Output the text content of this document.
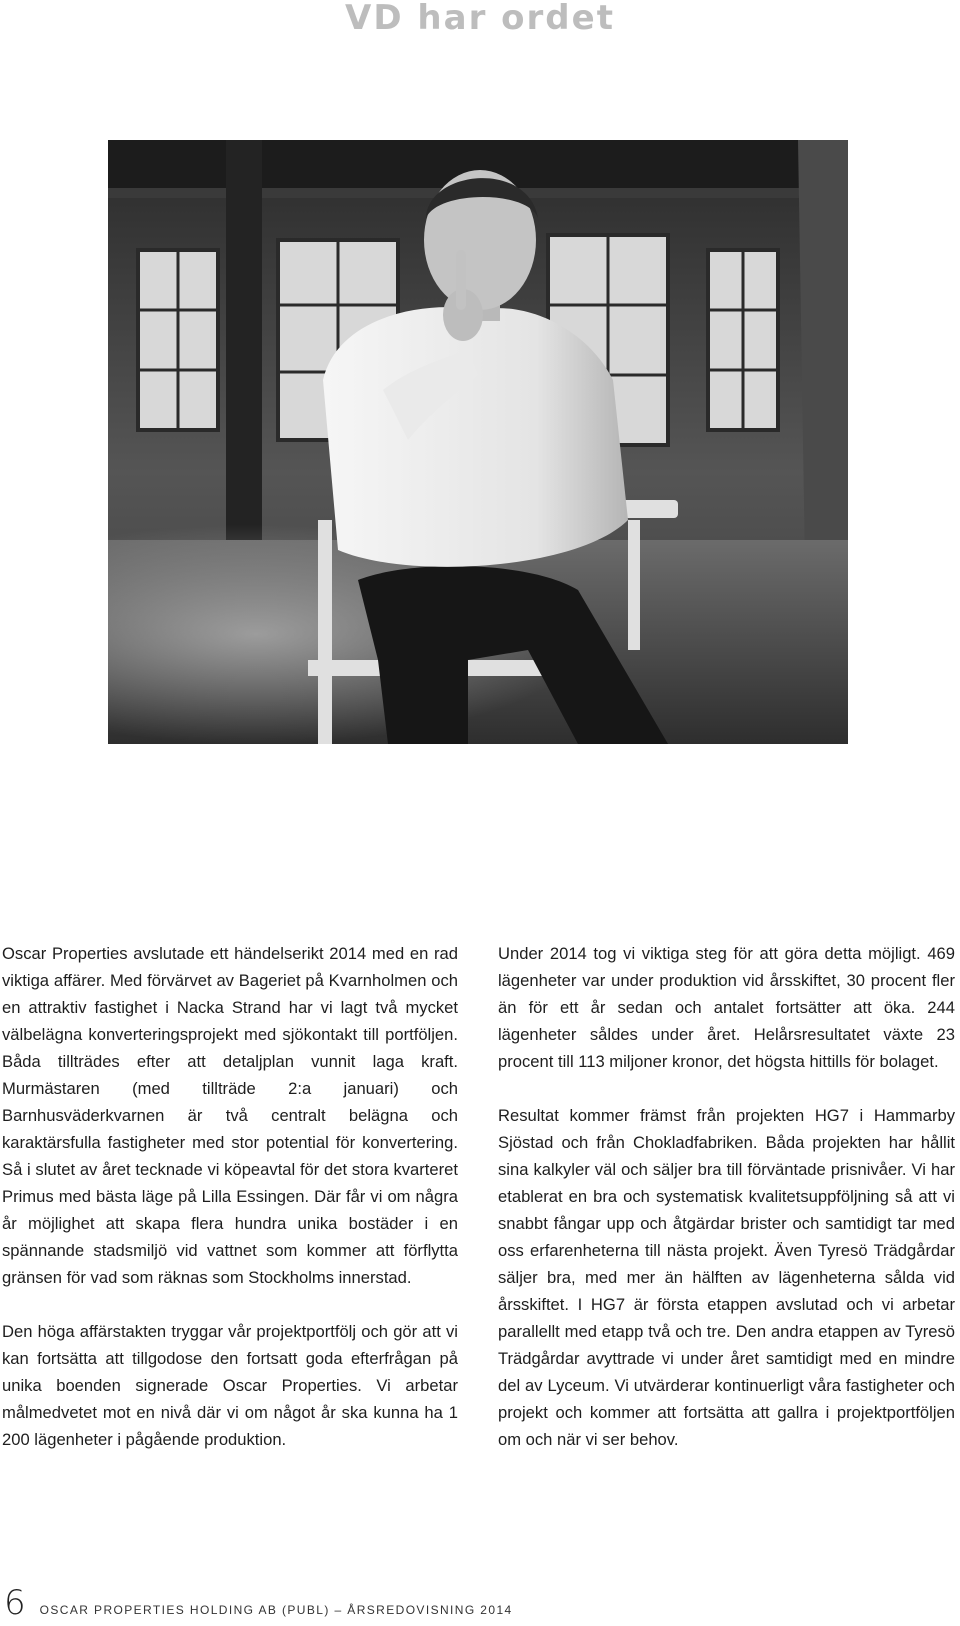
VD har ordet

Oscar Properties avslutade ett händelserikt 2014 med en rad viktiga affärer. Med förvärvet av Bageriet på Kvarnholmen och en attraktiv fastighet i Nacka Strand har vi lagt två mycket välbelägna konverteringsprojekt med sjökontakt till portföljen. Båda tillträdes efter att detaljplan vunnit laga kraft. Murmästaren (med tillträde 2:a januari) och Barnhusväderkvarnen är två centralt belägna och karaktärsfulla fastigheter med stor potential för konvertering. Så i slutet av året tecknade vi köpeavtal för det stora kvarteret Primus med bästa läge på Lilla Essingen. Där får vi om några år möjlighet att skapa flera hundra unika bostäder i en spännande stadsmiljö vid vattnet som kommer att förflytta gränsen för vad som räknas som Stockholms innerstad.

Den höga affärstakten tryggar vår projektportfölj och gör att vi kan fortsätta att tillgodose den fortsatt goda efterfrågan på unika boenden signerade Oscar Properties. Vi arbetar målmedvetet mot en nivå där vi om något år ska kunna ha 1 200 lägenheter i pågående produktion.

Under 2014 tog vi viktiga steg för att göra detta möjligt. 469 lägenheter var under produktion vid årsskiftet, 30 procent fler än för ett år sedan och antalet fortsätter att öka. 244 lägenheter såldes under året. Helårsresultatet växte 23 procent till 113 miljoner kronor, det högsta hittills för bolaget.

Resultat kommer främst från projekten HG7 i Hammarby Sjöstad och från Chokladfabriken. Båda projekten har hållit sina kalkyler väl och säljer bra till förväntade prisnivåer. Vi har etablerat en bra och systematisk kvalitetsuppföljning så att vi snabbt fångar upp och åtgärdar brister och samtidigt tar med oss erfarenheterna till nästa projekt. Även Tyresö Trädgårdar säljer bra, med mer än hälften av lägenheterna sålda vid årsskiftet. I HG7 är första etappen avslutad och vi arbetar parallellt med etapp två och tre. Den andra etappen av Tyresö Trädgårdar avyttrade vi under året samtidigt med en mindre del av Lyceum. Vi utvärderar kontinuerligt våra fastigheter och projekt och kommer att fortsätta att gallra i projektportföljen om och när vi ser behov.

6 OSCAR PROPERTIES HOLDING AB (PUBL) – ÅRSREDOVISNING 2014
